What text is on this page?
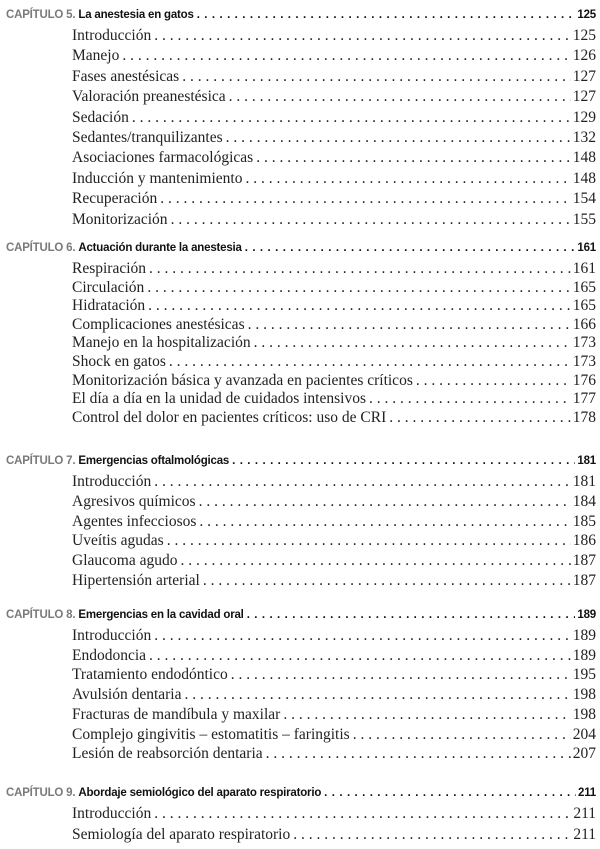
CAPÍTULO 5. La anestesia en gatos . . .	125
Introducción . . .	125
Manejo . . .	126
Fases anestésicas . . .	127
Valoración preanestésica . . .	127
Sedación . . .	129
Sedantes/tranquilizantes . . .	132
Asociaciones farmacológicas . . .	148
Inducción y mantenimiento . . .	148
Recuperación . . .	154
Monitorización . . .	155
CAPÍTULO 6. Actuación durante la anestesia . . .	161
Respiración . . .	161
Circulación . . .	165
Hidratación . . .	165
Complicaciones anestésicas . . .	166
Manejo en la hospitalización . . .	173
Shock en gatos . . .	173
Monitorización básica y avanzada en pacientes críticos . . .	176
El día a día en la unidad de cuidados intensivos . . .	177
Control del dolor en pacientes críticos: uso de CRI . . .	178
CAPÍTULO 7. Emergencias oftalmológicas . . .	181
Introducción . . .	181
Agresivos químicos . . .	184
Agentes infecciosos . . .	185
Uveítis agudas . . .	186
Glaucoma agudo . . .	187
Hipertensión arterial . . .	187
CAPÍTULO 8. Emergencias en la cavidad oral . . .	189
Introducción . . .	189
Endodoncia . . .	189
Tratamiento endodóntico . . .	195
Avulsión dentaria . . .	198
Fracturas de mandíbula y maxilar . . .	198
Complejo gingivitis – estomatitis – faringitis . . .	204
Lesión de reabsorción dentaria . . .	207
CAPÍTULO 9. Abordaje semiológico del aparato respiratorio . . .	211
Introducción . . .	211
Semiología del aparato respiratorio . . .	211
